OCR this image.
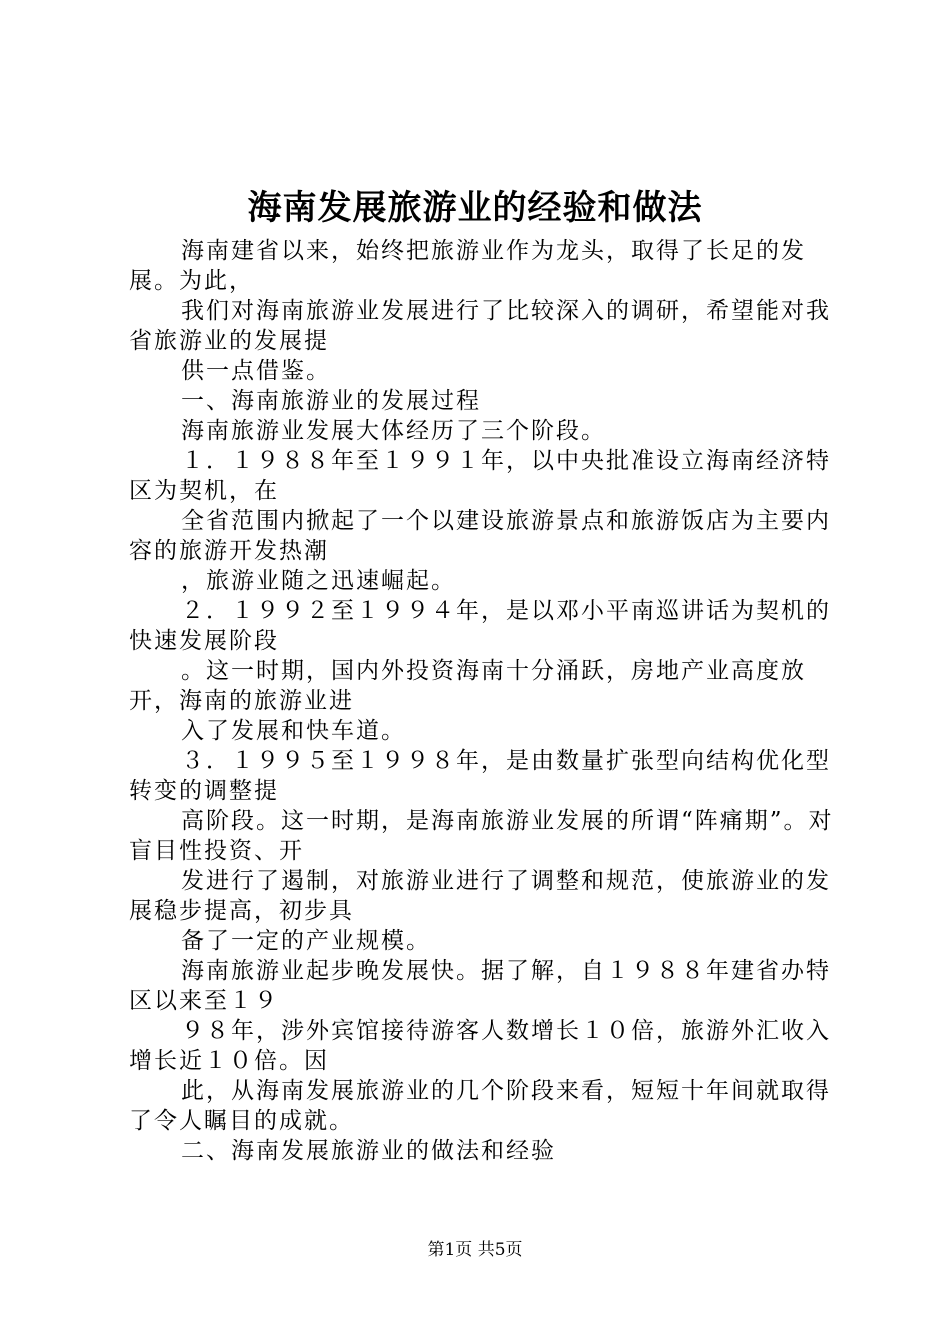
海南发展旅游业的经验和做法

海南建省以来，始终把旅游业作为龙头，取得了长足的发展。为此，

我们对海南旅游业发展进行了比较深入的调研，希望能对我省旅游业的发展提

供一点借鉴。

一、海南旅游业的发展过程

海南旅游业发展大体经历了三个阶段。

１．１９８８年至１９９１年，以中央批准设立海南经济特区为契机，在

全省范围内掀起了一个以建设旅游景点和旅游饭店为主要内容的旅游开发热潮

，旅游业随之迅速崛起。

２．１９９２至１９９４年，是以邓小平南巡讲话为契机的快速发展阶段

。这一时期，国内外投资海南十分涌跃，房地产业高度放开，海南的旅游业进

入了发展和快车道。

３．１９９５至１９９８年，是由数量扩张型向结构优化型转变的调整提

高阶段。这一时期，是海南旅游业发展的所谓“阵痛期”。对盲目性投资、开

发进行了遏制，对旅游业进行了调整和规范，使旅游业的发展稳步提高，初步具

备了一定的产业规模。

海南旅游业起步晚发展快。据了解，自１９８８年建省办特区以来至１９

９８年，涉外宾馆接待游客人数增长１０倍，旅游外汇收入增长近１０倍。因

此，从海南发展旅游业的几个阶段来看，短短十年间就取得了令人瞩目的成就。

二、海南发展旅游业的做法和经验

第1页 共5页
